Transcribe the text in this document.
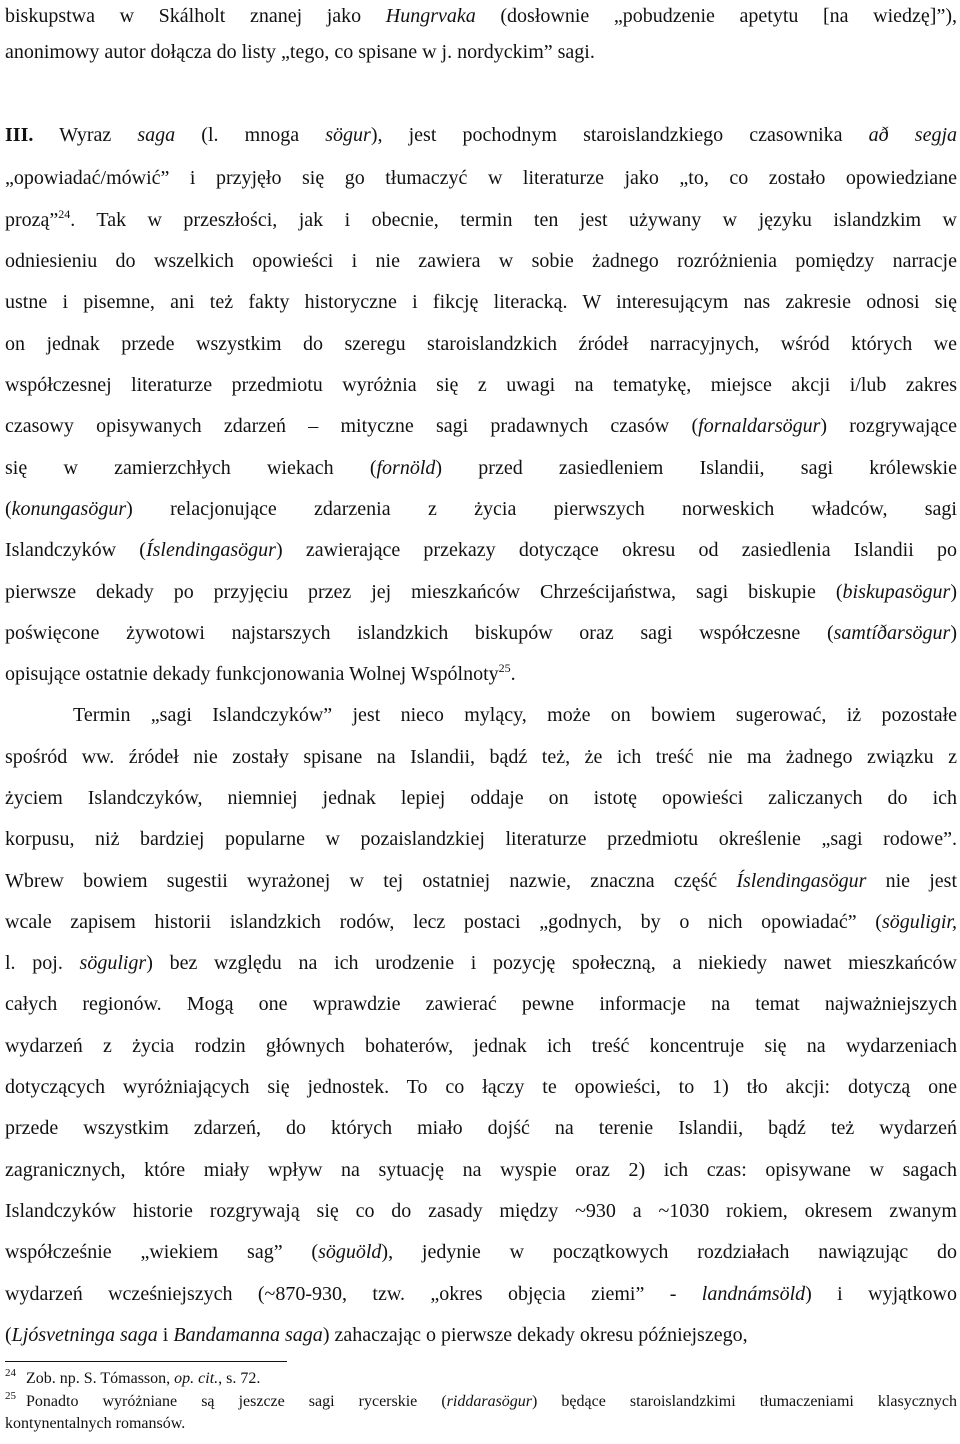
biskupstwa w Skálholt znanej jako Hungrvaka (dosłownie „pobudzenie apetytu [na wiedzę]”),
anonimowy autor dołącza do listy „tego, co spisane w j. nordyckim” sagi.
III. Wyraz saga (l. mnoga sögur), jest pochodnym staroislandzkiego czasownika að segja
„opowiadać/mówić” i przyjęło się go tłumaczyć w literaturze jako „to, co zostało opowiedziane
prozą”$^{24}$. Tak w przeszłości, jak i obecnie, termin ten jest używany w języku islandzkim w
odniesieniu do wszelkich opowieści i nie zawiera w sobie żadnego rozróżnienia pomiędzy narracje
ustne i pisemne, ani też fakty historyczne i fikcję literacką. W interesującym nas zakresie odnosi się
on jednak przede wszystkim do szeregu staroislandzkich źródeł narracyjnych, wśród których we
współczesnej literaturze przedmiotu wyróżnia się z uwagi na tematykę, miejsce akcji i/lub zakres
czasowy opisywanych zdarzeń – mityczne sagi pradawnych czasów (fornaldarsögur) rozgrywające
się w zamierzchłych wiekach (fornöld) przed zasiedleniem Islandii, sagi królewskie
(konungasögur) relacjonujące zdarzenia z życia pierwszych norweskich władców, sagi
Islandczyków (Íslendingasögur) zawierające przekazy dotyczące okresu od zasiedlenia Islandii po
pierwsze dekady po przyjęciu przez jej mieszkańców Chrześcijaństwa, sagi biskupie (biskupasögur)
poświęcone żywotowi najstarszych islandzkich biskupów oraz sagi współczesne (samtíðarsögur)
opisujące ostatnie dekady funkcjonowania Wolnej Wspólnoty$^{25}$.
Termin „sagi Islandczyków” jest nieco mylący, może on bowiem sugerować, iż pozostałe
spośród ww. źródeł nie zostały spisane na Islandii, bądź też, że ich treść nie ma żadnego związku z
życiem Islandczyków, niemniej jednak lepiej oddaje on istotę opowieści zaliczanych do ich
korpusu, niż bardziej popularne w pozaislandzkiej literaturze przedmiotu określenie „sagi rodowe”.
Wbrew bowiem sugestii wyrażonej w tej ostatniej nazwie, znaczna część Íslendingasögur nie jest
wcale zapisem historii islandzkich rodów, lecz postaci „godnych, by o nich opowiadać” (söguligir,
l. poj. söguligr) bez względu na ich urodzenie i pozycję społeczną, a niekiedy nawet mieszkańców
całych regionów. Mogą one wprawdzie zawierać pewne informacje na temat najważniejszych
wydarzeń z życia rodzin głównych bohaterów, jednak ich treść koncentruje się na wydarzeniach
dotyczących wyróżniających się jednostek. To co łączy te opowieści, to 1) tło akcji: dotyczą one
przede wszystkim zdarzeń, do których miało dojść na terenie Islandii, bądź też wydarzeń
zagranicznych, które miały wpływ na sytuację na wyspie oraz 2) ich czas: opisywane w sagach
Islandczyków historie rozgrywają się co do zasady między ~930 a ~1030 rokiem, okresem zwanym
współcześnie „wiekiem sag” (söguöld), jedynie w początkowych rozdziałach nawiązując do
wydarzeń wcześniejszych (~870-930, tzw. „okres objęcia ziemi” - landnámsöld) i wyjątkowo
(Ljósvetninga saga i Bandamanna saga) zahaczając o pierwsze dekady okresu późniejszego,
$^{24}$ Zob. np. S. Tómasson, op. cit., s. 72.
$^{25}$ Ponadto wyróżniane są jeszcze sagi rycerskie (riddarasögur) będące staroislandzkimi tłumaczeniami klasycznych
kontynentalnych romansów.
